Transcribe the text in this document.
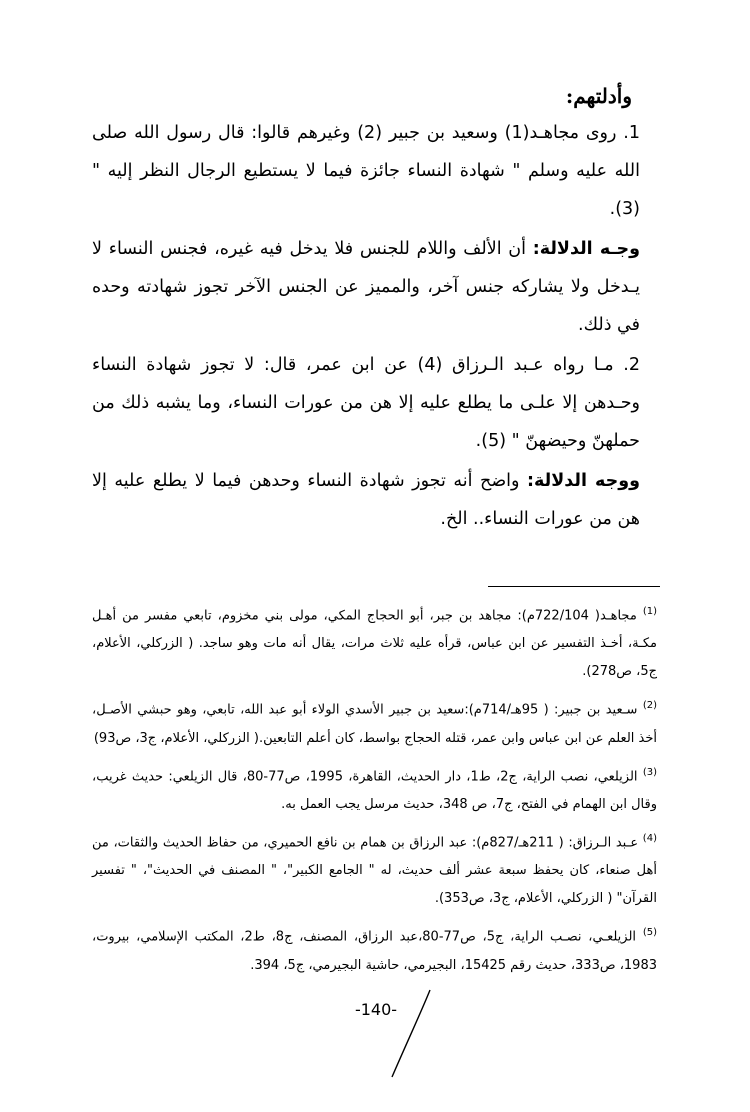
وأدلتهم:

1. روى مجاهـد(1) وسعيد بن جبير (2) وغيرهم قالوا: قال رسول الله صلى الله عليه وسلم " شهادة النساء جائزة فيما لا يستطيع الرجال النظر إليه " (3).

وجـه الدلالة: أن الألف واللام للجنس فلا يدخل فيه غيره، فجنس النساء لا يـدخل ولا يشاركه جنس آخر، والمميز عن الجنس الآخر تجوز شهادته وحده في ذلك.

2. مـا رواه عـبد الـرزاق (4) عن ابن عمر، قال: لا تجوز شهادة النساء وحـدهن إلا علـى ما يطلع عليه إلا هن من عورات النساء، وما يشبه ذلك من حملهنّ وحيضهنّ " (5).

ووجه الدلالة: واضح أنه تجوز شهادة النساء وحدهن فيما لا يطلع عليه إلا هن من عورات النساء.. الخ.

$^{(1)}$ مجاهـد( 722/104م): مجاهد بن جبر، أبو الحجاج المكي، مولى بني مخزوم، تابعي مفسر من أهـل مكـة، أخـذ التفسير عن ابن عباس، قرأه عليه ثلاث مرات، يقال أنه مات وهو ساجد. ( الزركلي، الأعلام، ج5، ص278).

$^{(2)}$ سـعيد بن جبير: ( 95هـ/714م):سعيد بن جبير الأسدي الولاء أبو عبد الله، تابعي، وهو حبشي الأصـل، أخذ العلم عن ابن عباس وابن عمر، قتله الحجاج بواسط، كان أعلم التابعين.( الزركلي، الأعلام، ج3، ص93)

$^{(3)}$ الزيلعي، نصب الراية، ج2، ط1، دار الحديث، القاهرة، 1995، ص77-80، قال الزيلعي: حديث غريب، وقال ابن الهمام في الفتح، ج7، ص 348، حديث مرسل يجب العمل به.

$^{(4)}$ عـبد الـرزاق: ( 211هـ/827م): عبد الرزاق بن همام بن نافع الحميري، من حفاظ الحديث والثقات، من أهل صنعاء، كان يحفظ سبعة عشر ألف حديث، له " الجامع الكبير"، " المصنف في الحديث"، " تفسير القرآن" ( الزركلي، الأعلام، ج3، ص353).

$^{(5)}$ الزيلعـي، نصـب الراية، ج5، ص77-80،عبد الرزاق، المصنف، ج8، ط2، المكتب الإسلامي، بيروت، 1983، ص333، حديث رقم 15425، البجيرمي، حاشية البجيرمي، ج5، 394.

-140-
